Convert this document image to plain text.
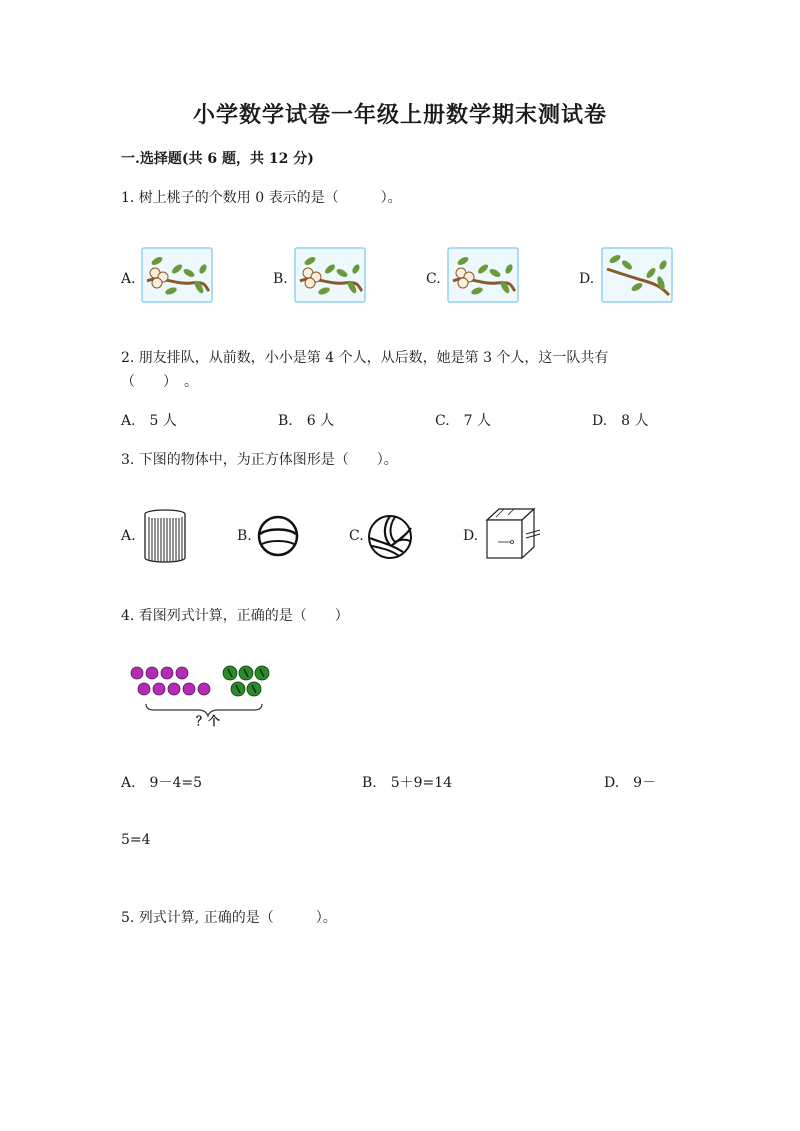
小学数学试卷一年级上册数学期末测试卷
一.选择题(共 6 题，共 12 分)
1. 树上桃子的个数用 0 表示的是（　　　）。
A.	B.	C.	D.
2. 朋友排队，从前数，小小是第 4 个人，从后数，她是第 3 个人，这一队共有
（　　）　。
A.　5 人	B.　6 人	C.　7 人	D.　8 人
3. 下图的物体中，为正方体图形是（　　）。
A.	B.	C.	D.
4. 看图列式计算，正确的是（　　）
？个
A.　9－4=5	B.　5＋9=14	D.　9－
5=4
5. 列式计算, 正确的是（　　　）。
